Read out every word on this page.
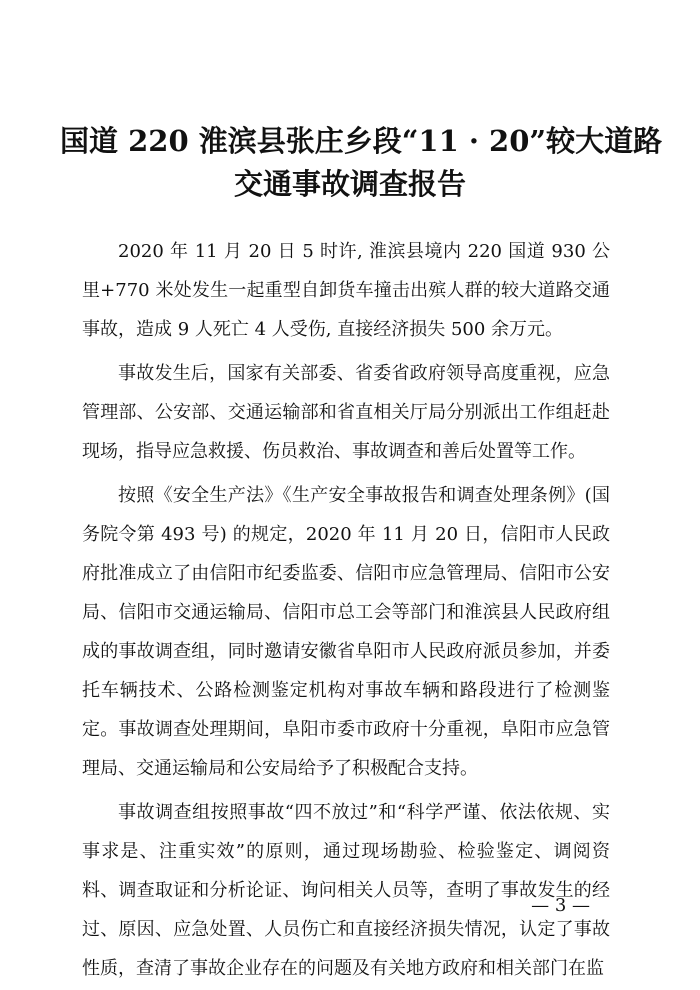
国道 220 淮滨县张庄乡段“11 · 20”较大道路
交通事故调查报告

2020 年 11 月 20 日 5 时许, 淮滨县境内 220 国道 930 公里+770 米处发生一起重型自卸货车撞击出殡人群的较大道路交通事故，造成 9 人死亡 4 人受伤, 直接经济损失 500 余万元。

事故发生后，国家有关部委、省委省政府领导高度重视，应急管理部、公安部、交通运输部和省直相关厅局分别派出工作组赶赴现场，指导应急救援、伤员救治、事故调查和善后处置等工作。

按照《安全生产法》《生产安全事故报告和调查处理条例》(国务院令第 493 号) 的规定，2020 年 11 月 20 日，信阳市人民政府批准成立了由信阳市纪委监委、信阳市应急管理局、信阳市公安局、信阳市交通运输局、信阳市总工会等部门和淮滨县人民政府组成的事故调查组，同时邀请安徽省阜阳市人民政府派员参加，并委托车辆技术、公路检测鉴定机构对事故车辆和路段进行了检测鉴定。事故调查处理期间，阜阳市委市政府十分重视，阜阳市应急管理局、交通运输局和公安局给予了积极配合支持。

事故调查组按照事故“四不放过”和“科学严谨、依法依规、实事求是、注重实效”的原则，通过现场勘验、检验鉴定、调阅资料、调查取证和分析论证、询问相关人员等，查明了事故发生的经过、原因、应急处置、人员伤亡和直接经济损失情况，认定了事故性质，查清了事故企业存在的问题及有关地方政府和相关部门在监

— 3 —
